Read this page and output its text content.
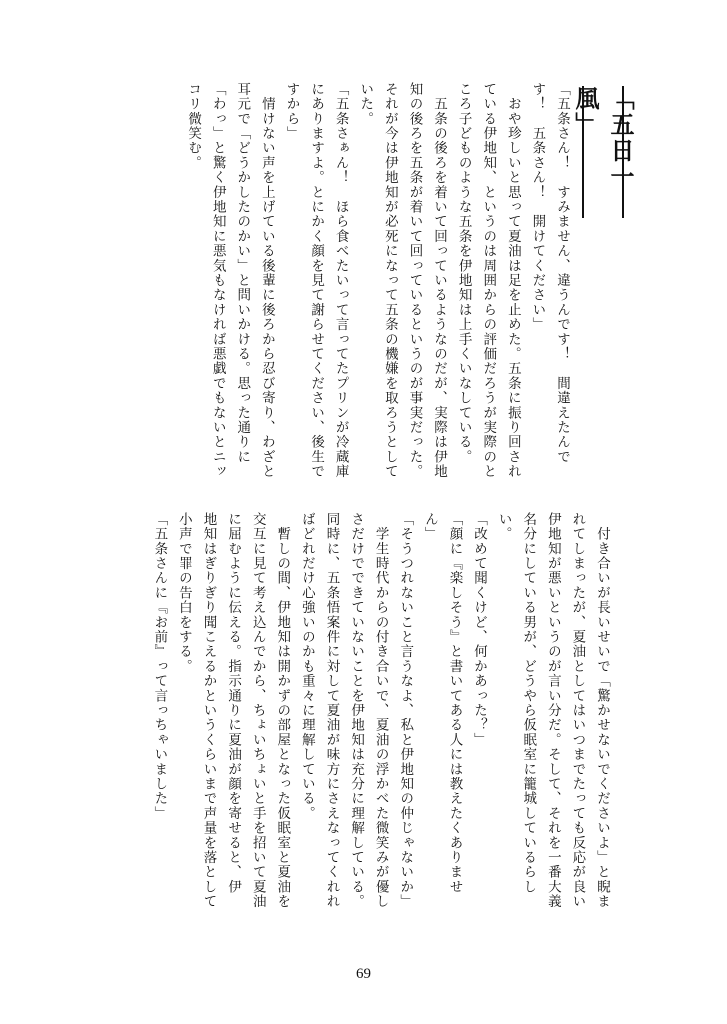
「五日一風」

「五条さん！　すみません、違うんです！　間違えたんで

す！　五条さん！　開けてください」

　おや珍しいと思って夏油は足を止めた。五条に振り回され

ている伊地知、というのは周囲からの評価だろうが実際のと

ころ子どものような五条を伊地知は上手くいなしている。

　五条の後ろを着いて回っているようなのだが、実際は伊地

知の後ろを五条が着いて回っているというのが事実だった。

それが今は伊地知が必死になって五条の機嫌を取ろうとして

いた。

「五条さぁん！　ほら食べたいって言ってたプリンが冷蔵庫

にありますよ。とにかく顔を見て謝らせてください、後生で

すから」

　情けない声を上げている後輩に後ろから忍び寄り、わざと

耳元で「どうかしたのかい」と問いかける。思った通りに

「わっ」と驚く伊地知に悪気もなければ悪戯でもないとニッ

コリ微笑む。

　付き合いが長いせいで「驚かせないでくださいよ」と睨ま

れてしまったが、夏油としてはいつまでたっても反応が良い

伊地知が悪いというのが言い分だ。そして、それを一番大義

名分にしている男が、どうやら仮眠室に籠城しているらし

い。

「改めて聞くけど、何かあった？」

「顔に『楽しそう』と書いてある人には教えたくありませ

ん」

「そうつれないこと言うなよ、私と伊地知の仲じゃないか」

　学生時代からの付き合いで、夏油の浮かべた微笑みが優し

さだけでできていないことを伊地知は充分に理解している。

同時に、五条悟案件に対して夏油が味方にさえなってくれれ

ばどれだけ心強いのかも重々に理解している。

　暫しの間、伊地知は開かずの部屋となった仮眠室と夏油を

交互に見て考え込んでから、ちょいちょいと手を招いて夏油

に屈むように伝える。指示通りに夏油が顔を寄せると、伊

地知はぎりぎり聞こえるかというくらいまで声量を落として

小声で罪の告白をする。

「五条さんに『お前』って言っちゃいました」

69
